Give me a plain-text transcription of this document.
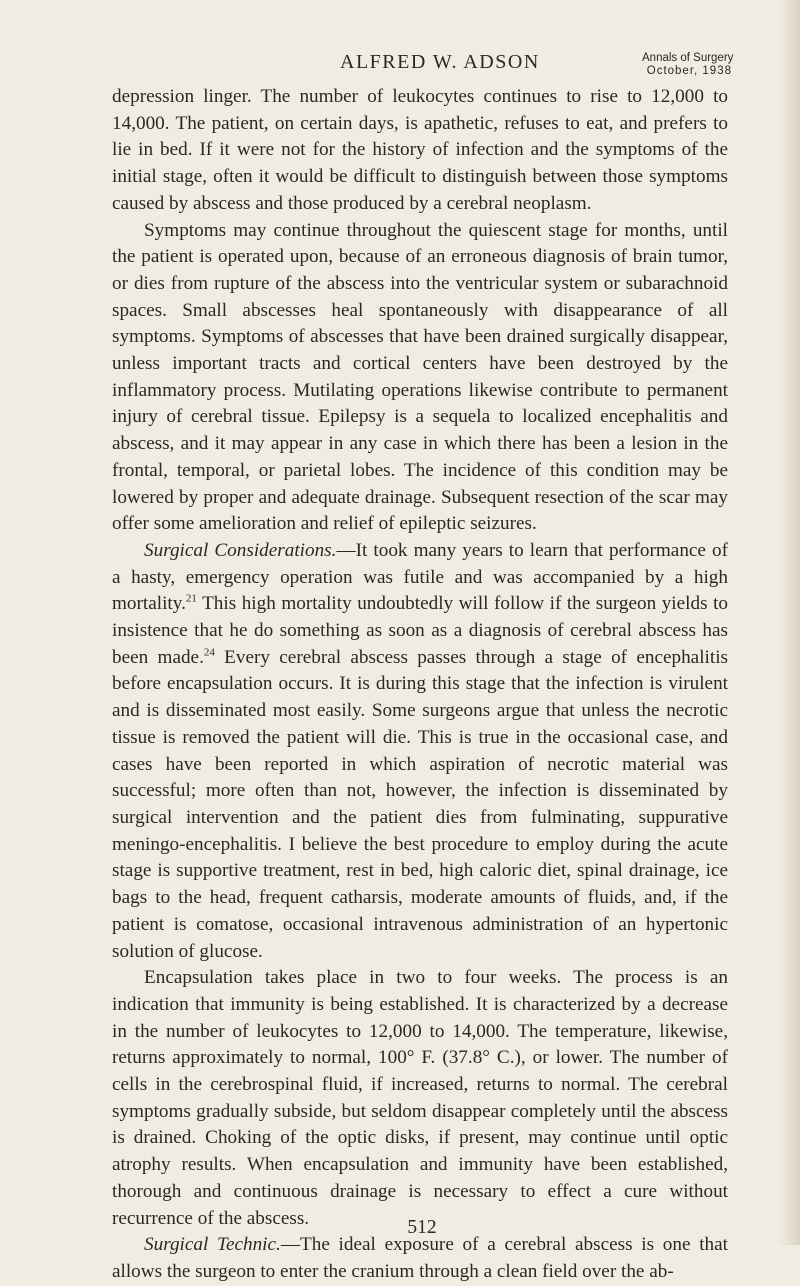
ALFRED W. ADSON	Annals of Surgery
October, 1938

depression linger. The number of leukocytes continues to rise to 12,000 to 14,000. The patient, on certain days, is apathetic, refuses to eat, and prefers to lie in bed. If it were not for the history of infection and the symptoms of the initial stage, often it would be difficult to distinguish between those symptoms caused by abscess and those produced by a cerebral neoplasm.

Symptoms may continue throughout the quiescent stage for months, until the patient is operated upon, because of an erroneous diagnosis of brain tumor, or dies from rupture of the abscess into the ventricular system or subarachnoid spaces. Small abscesses heal spontaneously with disappearance of all symptoms. Symptoms of abscesses that have been drained surgically disappear, unless important tracts and cortical centers have been destroyed by the inflammatory process. Mutilating operations likewise contribute to permanent injury of cerebral tissue. Epilepsy is a sequela to localized encephalitis and abscess, and it may appear in any case in which there has been a lesion in the frontal, temporal, or parietal lobes. The incidence of this condition may be lowered by proper and adequate drainage. Subsequent resection of the scar may offer some amelioration and relief of epileptic seizures.

Surgical Considerations.—It took many years to learn that performance of a hasty, emergency operation was futile and was accompanied by a high mortality.$^{21}$ This high mortality undoubtedly will follow if the surgeon yields to insistence that he do something as soon as a diagnosis of cerebral abscess has been made.$^{24}$ Every cerebral abscess passes through a stage of encephalitis before encapsulation occurs. It is during this stage that the infection is virulent and is disseminated most easily. Some surgeons argue that unless the necrotic tissue is removed the patient will die. This is true in the occasional case, and cases have been reported in which aspiration of necrotic material was successful; more often than not, however, the infection is disseminated by surgical intervention and the patient dies from fulminating, suppurative meningo-encephalitis. I believe the best procedure to employ during the acute stage is supportive treatment, rest in bed, high caloric diet, spinal drainage, ice bags to the head, frequent catharsis, moderate amounts of fluids, and, if the patient is comatose, occasional intravenous administration of an hypertonic solution of glucose.

Encapsulation takes place in two to four weeks. The process is an indication that immunity is being established. It is characterized by a decrease in the number of leukocytes to 12,000 to 14,000. The temperature, likewise, returns approximately to normal, 100° F. (37.8° C.), or lower. The number of cells in the cerebrospinal fluid, if increased, returns to normal. The cerebral symptoms gradually subside, but seldom disappear completely until the abscess is drained. Choking of the optic disks, if present, may continue until optic atrophy results. When encapsulation and immunity have been established, thorough and continuous drainage is necessary to effect a cure without recurrence of the abscess.

Surgical Technic.—The ideal exposure of a cerebral abscess is one that allows the surgeon to enter the cranium through a clean field over the ab-

512
